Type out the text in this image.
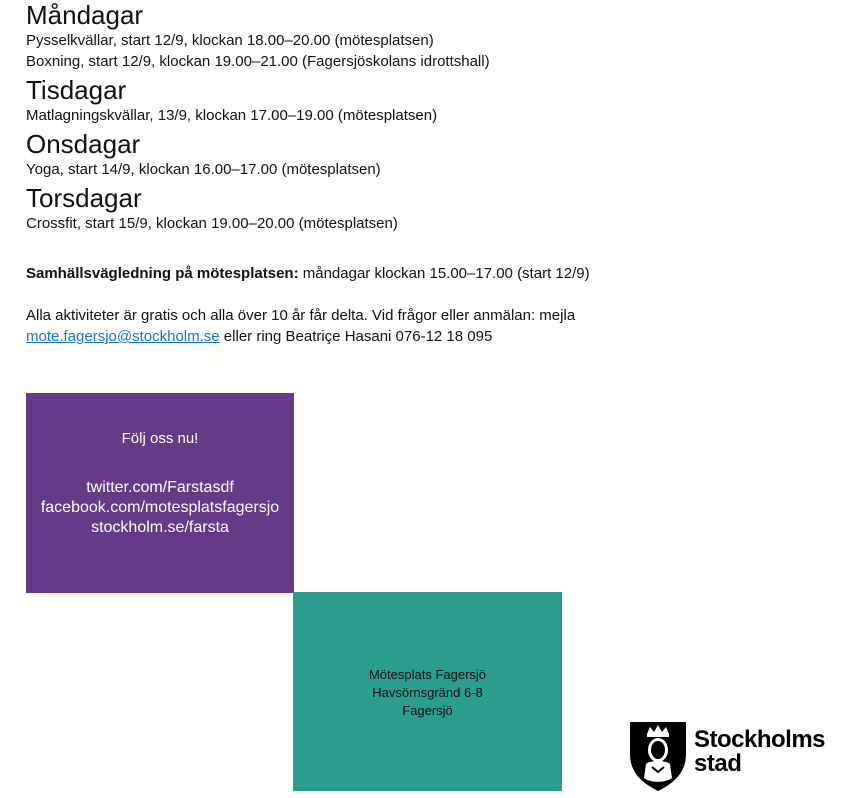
Måndagar

Pysselkvällar, start 12/9, klockan 18.00–20.00 (mötesplatsen)

Boxning, start 12/9, klockan 19.00–21.00 (Fagersjöskolans idrottshall)

Tisdagar

Matlagningskvällar, 13/9, klockan 17.00–19.00 (mötesplatsen)

Onsdagar

Yoga, start 14/9, klockan 16.00–17.00 (mötesplatsen)

Torsdagar

Crossfit, start 15/9, klockan 19.00–20.00 (mötesplatsen)

Samhällsvägledning på mötesplatsen: måndagar klockan 15.00–17.00 (start 12/9)
Alla aktiviteter är gratis och alla över 10 år får delta. Vid frågor eller anmälan: mejla
mote.fagersjo@stockholm.se eller ring Beatriçe Hasani 076-12 18 095
Följ oss nu!
twitter.com/Farstasdf
facebook.com/motesplatsfagersjo
stockholm.se/farsta
Mötesplats Fagersjö
Havsörnsgränd 6-8
Fagersjö
Stockholms
stad
